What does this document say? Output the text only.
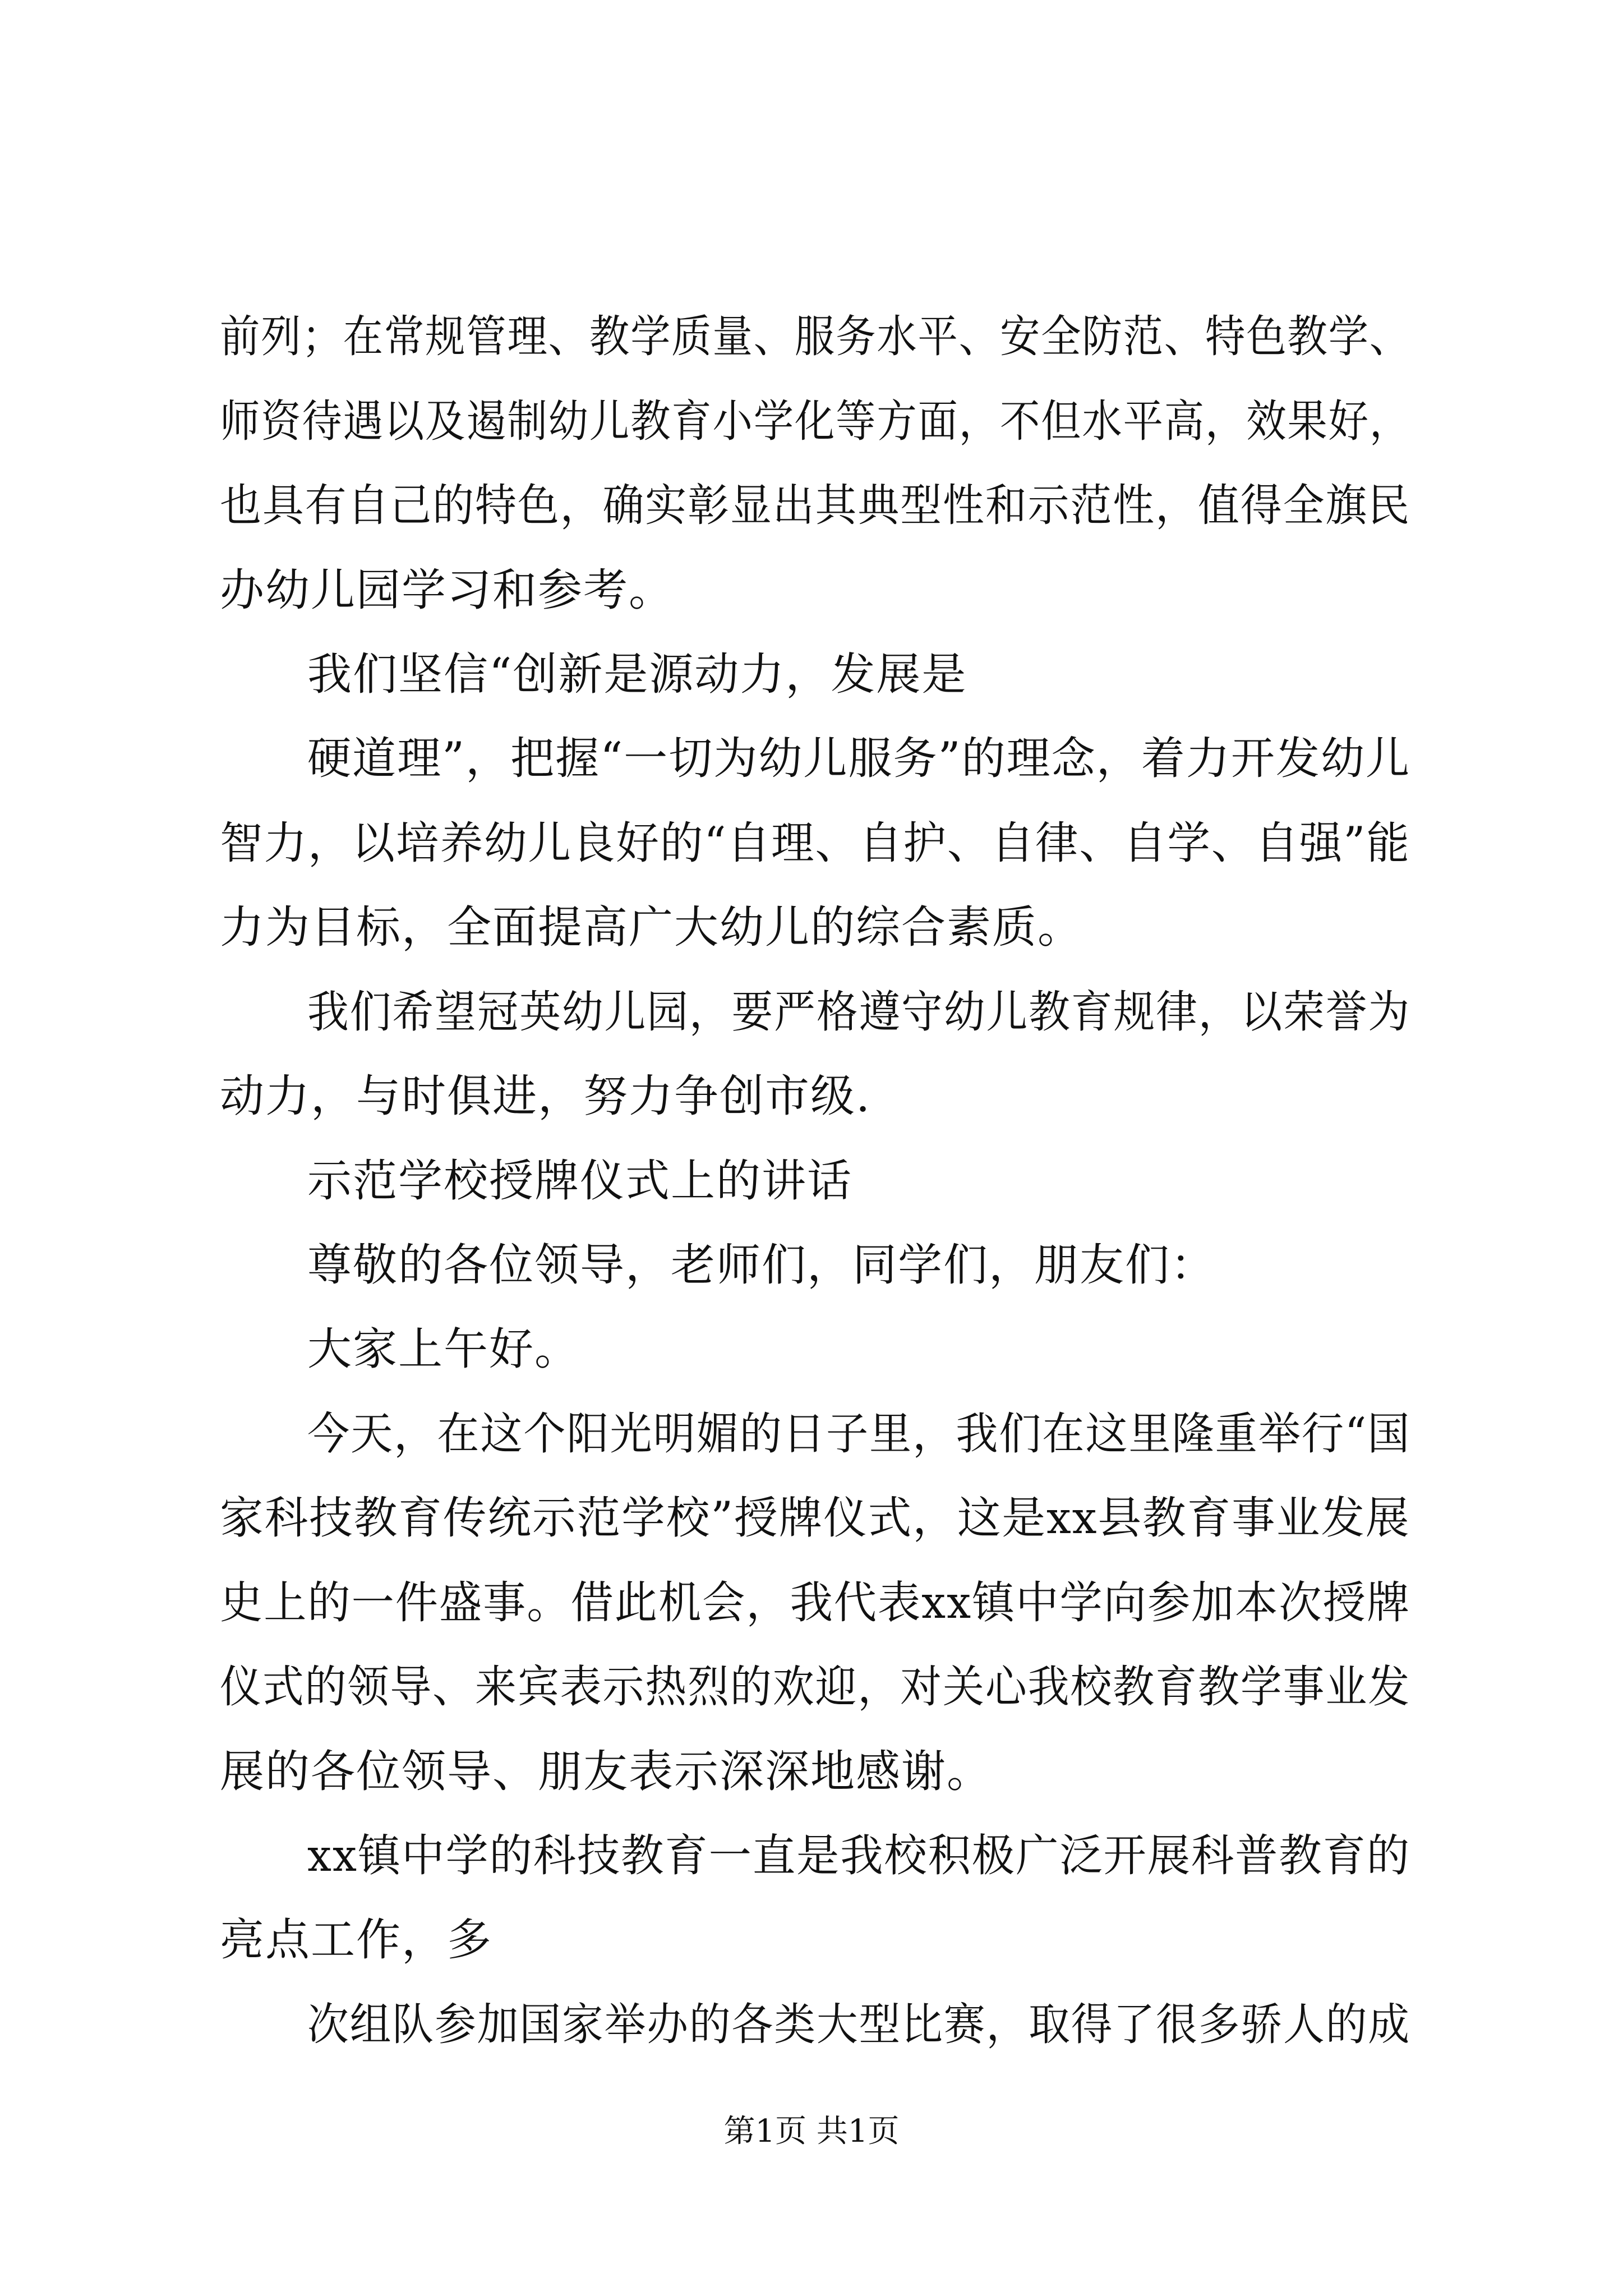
前列；在常规管理、教学质量、服务水平、安全防范、特色教学、
师资待遇以及遏制幼儿教育小学化等方面，不但水平高，效果好，
也具有自己的特色，确实彰显出其典型性和示范性，值得全旗民
办幼儿园学习和参考。
我们坚信“创新是源动力，发展是
硬道理”，把握“一切为幼儿服务”的理念，着力开发幼儿
智力，以培养幼儿良好的“自理、自护、自律、自学、自强”能
力为目标，全面提高广大幼儿的综合素质。
我们希望冠英幼儿园，要严格遵守幼儿教育规律，以荣誉为
动力，与时俱进，努力争创市级.
示范学校授牌仪式上的讲话
尊敬的各位领导，老师们，同学们，朋友们：
大家上午好。
今天，在这个阳光明媚的日子里，我们在这里隆重举行“国
家科技教育传统示范学校”授牌仪式，这是xx县教育事业发展
史上的一件盛事。借此机会，我代表xx镇中学向参加本次授牌
仪式的领导、来宾表示热烈的欢迎，对关心我校教育教学事业发
展的各位领导、朋友表示深深地感谢。
xx镇中学的科技教育一直是我校积极广泛开展科普教育的
亮点工作，多
次组队参加国家举办的各类大型比赛，取得了很多骄人的成
第1页 共1页
